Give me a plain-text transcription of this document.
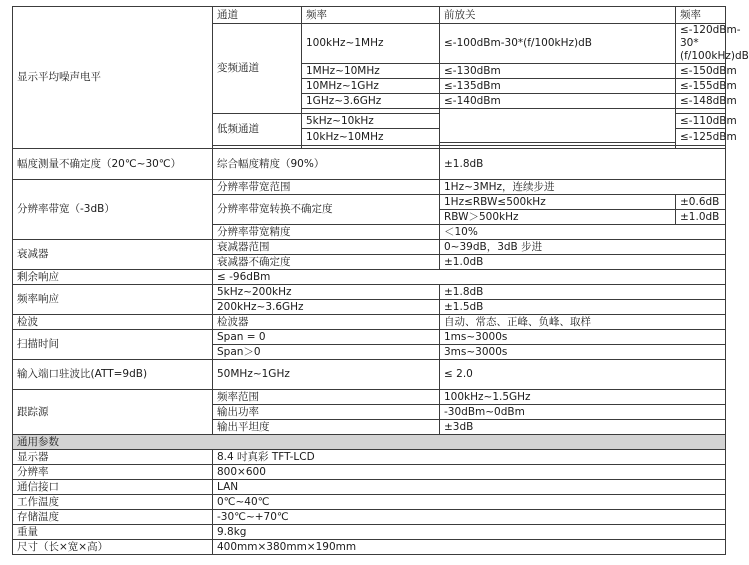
显示平均噪声电平	通道	频率	前放关	频率
	变频通道	100kHz~1MHz	≤-100dBm-30*(f/100kHz)dB	≤-120dBm-30*(f/100kHz)dB
		1MHz~10MHz	≤-130dBm	≤-150dBm
		10MHz~1GHz	≤-135dBm	≤-155dBm
		1GHz~3.6GHz	≤-140dBm	≤-148dBm

	低频通道	5kHz~10kHz		≤-110dBm
		10kHz~10MHz		≤-125dBm

幅度测量不确定度（20℃~30℃）	综合幅度精度（90%）		±1.8dB	
分辨率带宽（-3dB）	分辨率带宽范围		1Hz~3MHz，连续步进	
	分辨率带宽转换不确定度		1Hz≤RBW≤500kHz	±0.6dB
			RBW＞500kHz	±1.0dB
	分辨率带宽精度		＜10%	
衰减器	衰减器范围		0~39dB，3dB 步进	
	衰减器不确定度		±1.0dB	
剩余响应	≤ -96dBm			
频率响应	5kHz~200kHz		±1.8dB	
	200kHz~3.6GHz		±1.5dB	
检波	检波器		自动、常态、正峰、负峰、取样	
扫描时间	Span = 0		1ms~3000s	
	Span＞0		3ms~3000s	
输入端口驻波比(ATT=9dB)	50MHz~1GHz		≤ 2.0	
跟踪源	频率范围		100kHz~1.5GHz	
	输出功率		-30dBm~0dBm	
	输出平坦度		±3dB	
通用参数				
显示器	8.4 吋真彩 TFT-LCD			
分辨率	800×600			
通信接口	LAN			
工作温度	0℃~40℃			
存储温度	-30℃~+70℃			
重量	9.8kg			
尺寸（长×宽×高）	400mm×380mm×190mm			
